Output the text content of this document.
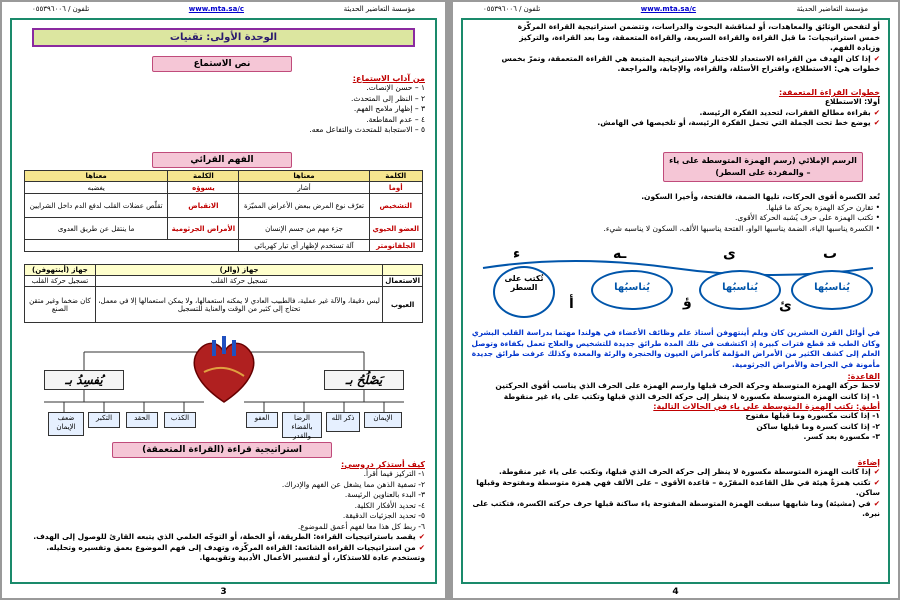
تلفون / ٠٥٥٣٩٦٠٠٦	www.mta.sa/c	مؤسسة التعاضير الحديثة
الوحدة الأولى: تقنيات
نص الاستماع
من آداب الاستماع:
١ – حسن الإنصات.
٢ – النظر إلى المتحدث.
٣ – إظهار ملامح الفهم.
٤ – عدم المقاطعة.
٥ – الاستجابة للمتحدث والتفاعل معه.
الفهم القرائي
الكلمة	معناها	الكلمة	معناها
أوما	أشار	يسوؤه	يغضبه
التشخيص	تعرّف نوع المرض ببعض الأعراض المميّزة	الانقباض	تقلّص عضلات القلب لدفع الدم داخل الشرايين
العضو الحيوي	جزء مهم من جسم الإنسان	الأمراض الجرثومية	ما ينتقل عن طريق العدوى
الجلفانومتر	آلة تستخدم لإظهار أي تيار كهربائي		
	جهاز (والر)	جهاز (أينتهوفن)
الاستعمال	تسجيل حركة القلب	تسجيل حركة القلب
العيوب	ليس دقيقا، والآلة غير عملية، فالطبيب العادي لا يمكنه استعمالها، ولا يمكن استعمالها إلا في معمل، تحتاج إلى كثير من الوقت والعناية للتسجيل	كان ضخما وغير متقن الصنع
يُفسِدُ بـ	يَصْلُحُ بـ
ضعف الإيمان
التكبر	الحقد	الكذب	العفو	الرضا بالقضاء والقدر
ذكر الله	الإيمان
استراتيجية قراءة (القراءة المتعمقة)
كيف أستذكر دروسي:
١- التركيز فيما أقرأ.
٢- تصفية الذهن مما يشغل عن الفهم والإدراك.
٣- البدء بالعناوين الرئيسة.
٤- تحديد الأفكار الكلية.
٥- تحديد الجزئيات الدقيقة.
٦- ربط كل هذا معا لفهم أعمق للموضوع.
✔يقصد باستراتيجيات القراءة: الطريقة، أو الخطة، أو التوجّه العلمي الذي يتبعه القارئ للوصول إلى الهدف.
✔من استراتيجيات القراءة الشائعة: القراءة المركّزة، وتهدف إلى فهم الموضوع بعمق وتفسيره وتحليله.
وتستخدم عادة للاستذكار، أو لتفسير الأعمال الأدبية وتقويمها.
3
تلفون / ٠٥٥٣٩٦٠٠٦	www.mta.sa/c	مؤسسة التعاضير الحديثة
أو لتفحص الوثائق والمعاهدات، أو لمناقشة البحوث والدراسات، وتتضمن استراتيجية القراءة المركّزة
خمس استراتيجيات: ما قبل القراءة والقراءة السريعة، والقراءة المتعمقة، وما بعد القراءة، والتركيز
وزيادة الفهم.
✔إذا كان الهدف من القراءة الاستعداد للاختبار فالاستراتيجية المتبعة هي القراءة المتعمقة، وتمرّ بخمس
خطوات هي: الاستطلاع، واقتراح الأسئلة، والقراءة، والإجابة، والمراجعة.
خطوات القراءة المتعمقة:
أولا: الاستطلاع
✔بقراءة مطالع الفقرات، لتحديد الفكرة الرئيسة.
✔يوضع خط تحت الجملة التي تحمل الفكرة الرئيسة، أو تلخيصها في الهامش.
الرسم الإملائي (رسم الهمزة المتوسطة على ياء – والمفردة على السطر)
تُعد الكسرة أقوى الحركات، تليها الضمة، فالفتحة، وأخيرا السكون.
• تقارن حركة الهمزة بحركة ما قبلها.
• تكتب الهمزة على حرف يُشبه الحركة الأقوى.
• الكسرة يناسبها الياء، الضمة يناسبها الواو، الفتحة يناسبها الألف، السكون لا يناسبه شيء.
ء	ـه	ى	ٮ
تُكتب على السطر	يُناسبُها	يُناسبُها	يُناسبُها
أ	ؤ	ئ
في أوائل القرن العشرين كان ويلم أينتهوفن أستاذ علم وظائف الأعضاء في هولندا مهتما بدراسة القلب البشري
وكان الطب قد قطع فترات كبيرة إذ اكتشفت في تلك المدة طرائق جديدة للتشخيص والعلاج تعمل بكفاءة وتوصل
العلم إلى كشف الكثير من الأمراض المؤلمة كأمراض العيون والحنجرة والرئة والمعدة وكذلك عرفت طرائق جديدة
مأمونة في الجراحة والأمراض الجرثومية.
القاعدة:
لاحظ حركة الهمزة المتوسطة وحركة الحرف قبلها وارسم الهمزة على الحرف الذي يناسب أقوى الحركتين
١- إذا كانت الهمزة المتوسطة مكسورة لا ينظر إلى حركة الحرف الذي قبلها وتكتب على ياء غير منقوطة
أطبق: تكتب الهمزة المتوسطة على ياء في الحالات التالية:
١- إذا كانت مكسورة وما قبلها مفتوح
٢- إذا كانت كسرة وما قبلها ساكن
٣- مكسورة بعد كسر.
إضاءة
✔إذا كانت الهمزة المتوسطة مكسورة لا ينظر إلى حركة الحرف الذي قبلها، وتكتب على ياء غير منقوطة.
✔تكتب همزةٌ هيئة في ظل القاعدة المقرّرة – قاعدة الأقوى – على الألف فهي همزة متوسطة ومفتوحة وقبلها ساكن.
✔في (مشيئة) وما شابهها سبقت الهمزة المتوسطة المفتوحة ياء ساكنة قبلها حرف حركته الكسرة، فتكتب على نبرة.
4
